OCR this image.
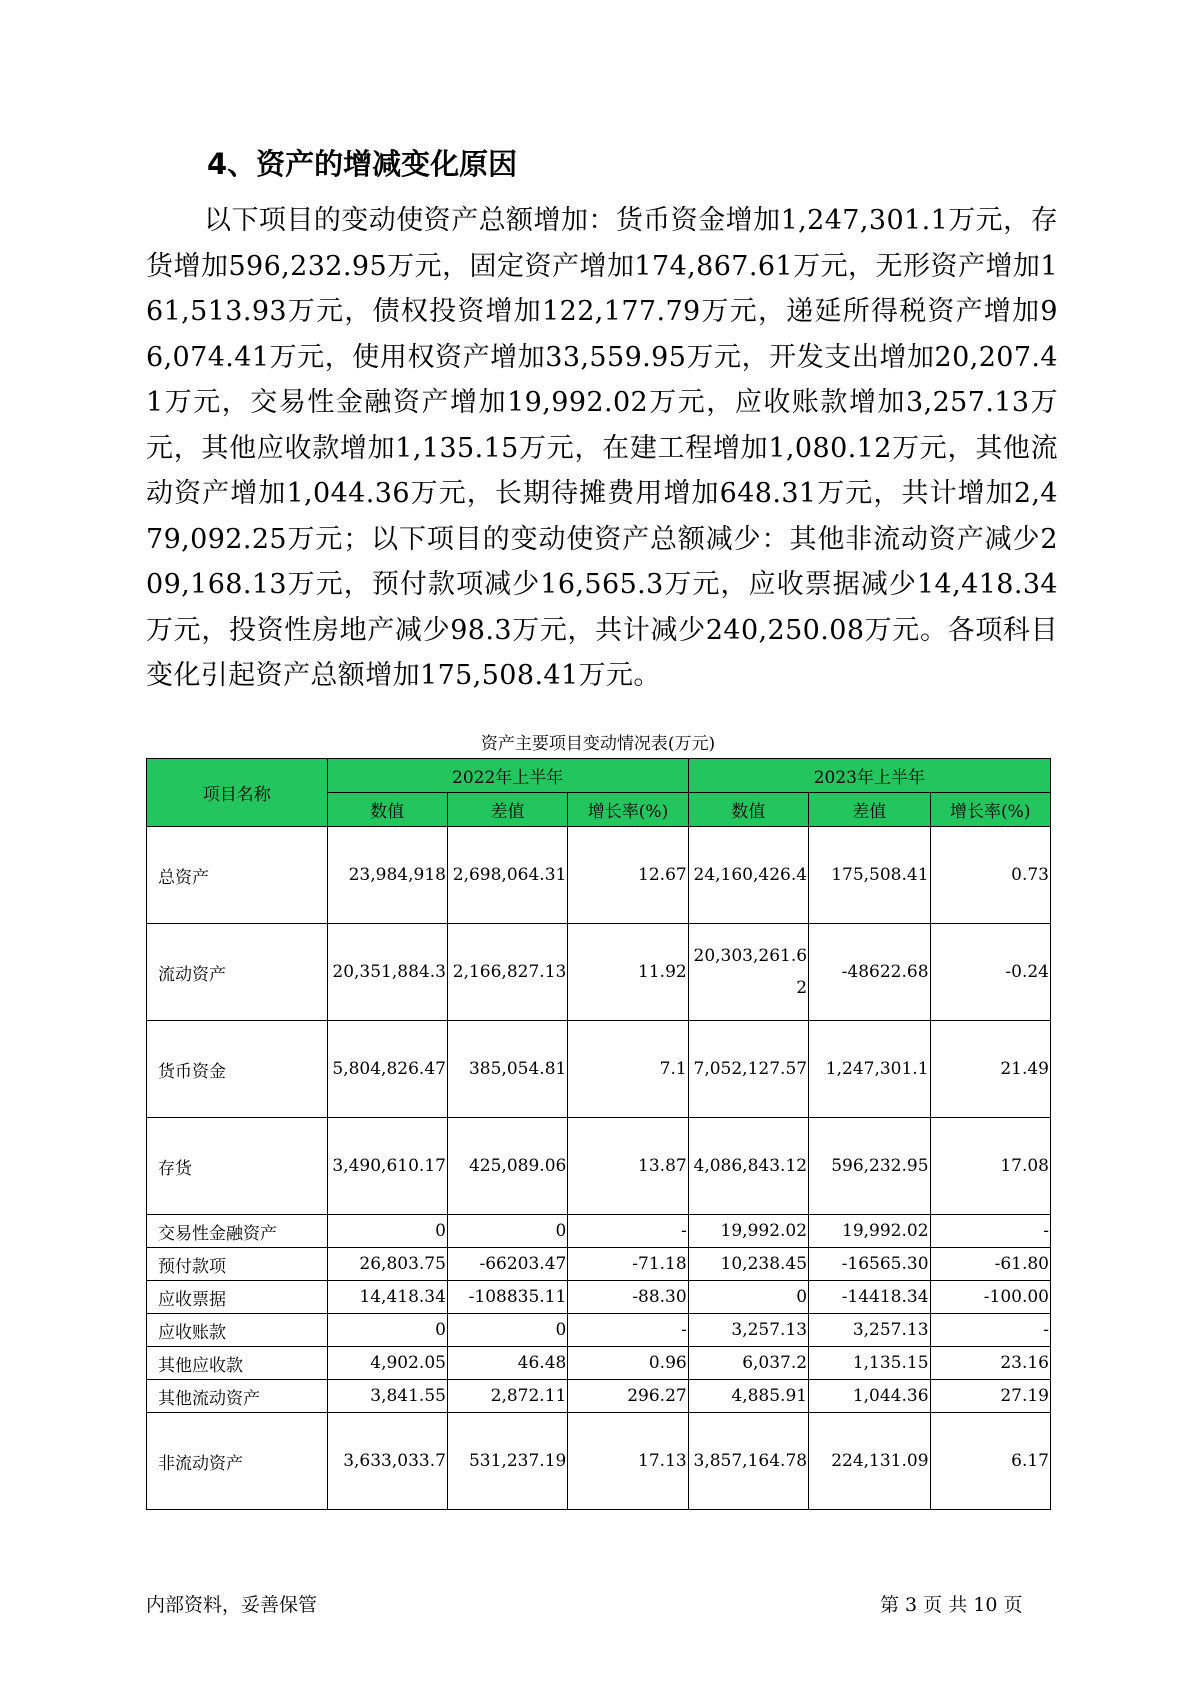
4、资产的增减变化原因

以下项目的变动使资产总额增加：货币资金增加1,247,301.1万元，存货增加596,232.95万元，固定资产增加174,867.61万元，无形资产增加161,513.93万元，债权投资增加122,177.79万元，递延所得税资产增加96,074.41万元，使用权资产增加33,559.95万元，开发支出增加20,207.41万元，交易性金融资产增加19,992.02万元，应收账款增加3,257.13万元，其他应收款增加1,135.15万元，在建工程增加1,080.12万元，其他流动资产增加1,044.36万元，长期待摊费用增加648.31万元，共计增加2,479,092.25万元；以下项目的变动使资产总额减少：其他非流动资产减少209,168.13万元，预付款项减少16,565.3万元，应收票据减少14,418.34万元，投资性房地产减少98.3万元，共计减少240,250.08万元。各项科目变化引起资产总额增加175,508.41万元。

资产主要项目变动情况表(万元)
项目名称	2022年上半年			2023年上半年		
	数值	差值	增长率(%)	数值	差值	增长率(%)
总资产	23,984,918	2,698,064.31	12.67	24,160,426.4	175,508.41	0.73
流动资产	20,351,884.3	2,166,827.13	11.92	20,303,261.62	-48622.68	-0.24
货币资金	5,804,826.47	385,054.81	7.1	7,052,127.57	1,247,301.1	21.49
存货	3,490,610.17	425,089.06	13.87	4,086,843.12	596,232.95	17.08
交易性金融资产	0	0	-	19,992.02	19,992.02	-
预付款项	26,803.75	-66203.47	-71.18	10,238.45	-16565.30	-61.80
应收票据	14,418.34	-108835.11	-88.30	0	-14418.34	-100.00
应收账款	0	0	-	3,257.13	3,257.13	-
其他应收款	4,902.05	46.48	0.96	6,037.2	1,135.15	23.16
其他流动资产	3,841.55	2,872.11	296.27	4,885.91	1,044.36	27.19
非流动资产	3,633,033.7	531,237.19	17.13	3,857,164.78	224,131.09	6.17
内部资料，妥善保管	第 3 页 共 10 页
